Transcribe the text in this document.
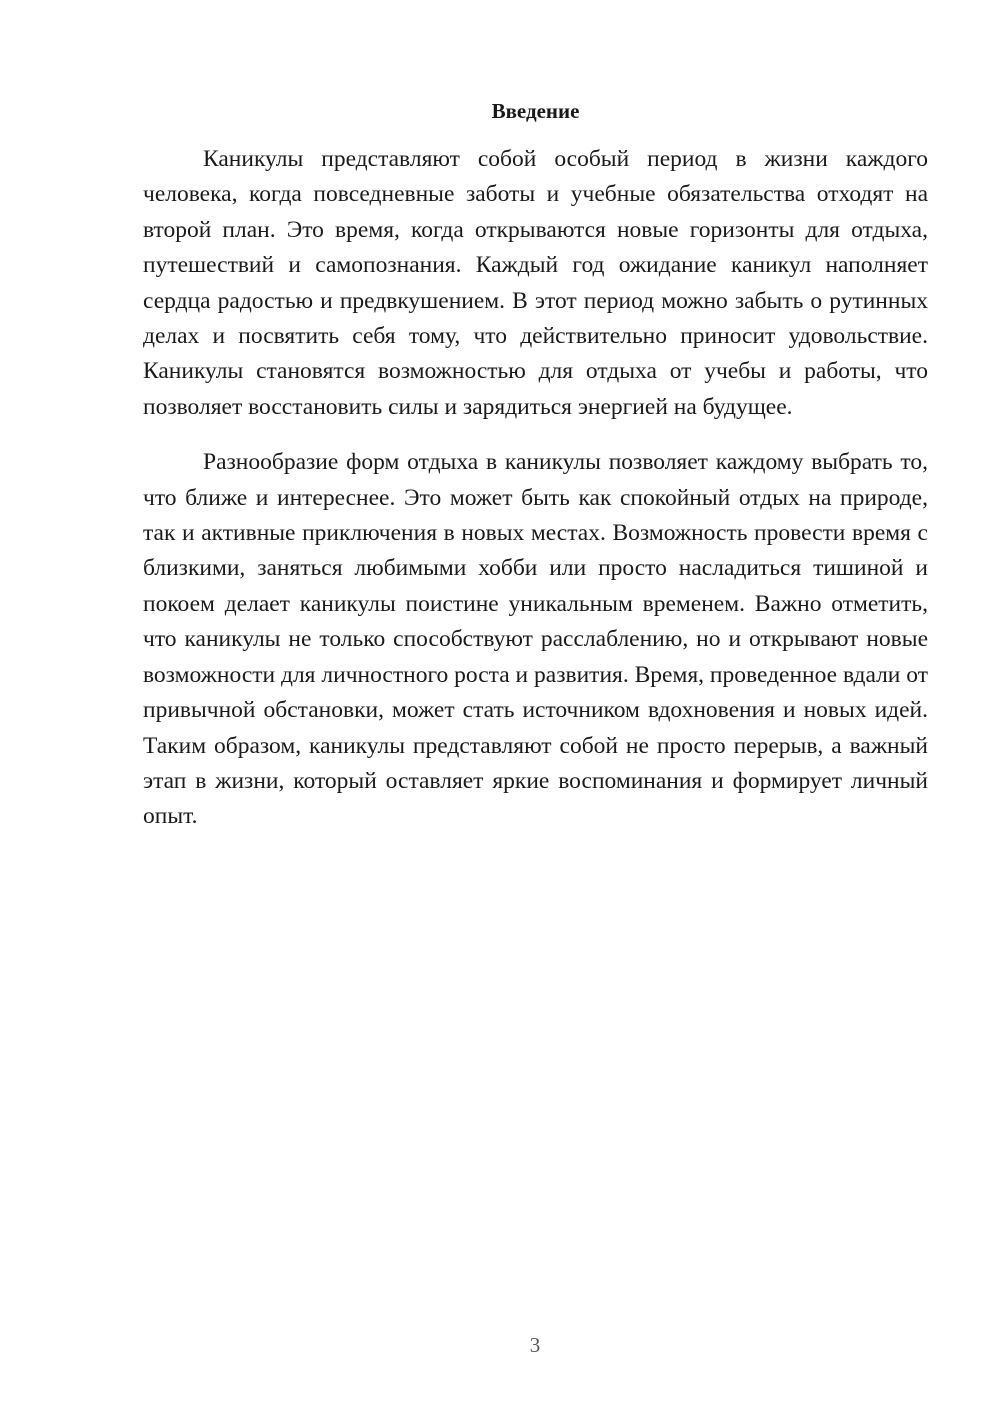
Введение

Каникулы представляют собой особый период в жизни каждого человека, когда повседневные заботы и учебные обязательства отходят на второй план. Это время, когда открываются новые горизонты для отдыха, путешествий и самопознания. Каждый год ожидание каникул наполняет сердца радостью и предвкушением. В этот период можно забыть о рутинных делах и посвятить себя тому, что действительно приносит удовольствие. Каникулы становятся возможностью для отдыха от учебы и работы, что позволяет восстановить силы и зарядиться энергией на будущее.

Разнообразие форм отдыха в каникулы позволяет каждому выбрать то, что ближе и интереснее. Это может быть как спокойный отдых на природе, так и активные приключения в новых местах. Возможность провести время с близкими, заняться любимыми хобби или просто насладиться тишиной и покоем делает каникулы поистине уникальным временем. Важно отметить, что каникулы не только способствуют расслаблению, но и открывают новые возможности для личностного роста и развития. Время, проведенное вдали от привычной обстановки, может стать источником вдохновения и новых идей. Таким образом, каникулы представляют собой не просто перерыв, а важный этап в жизни, который оставляет яркие воспоминания и формирует личный опыт.

3
